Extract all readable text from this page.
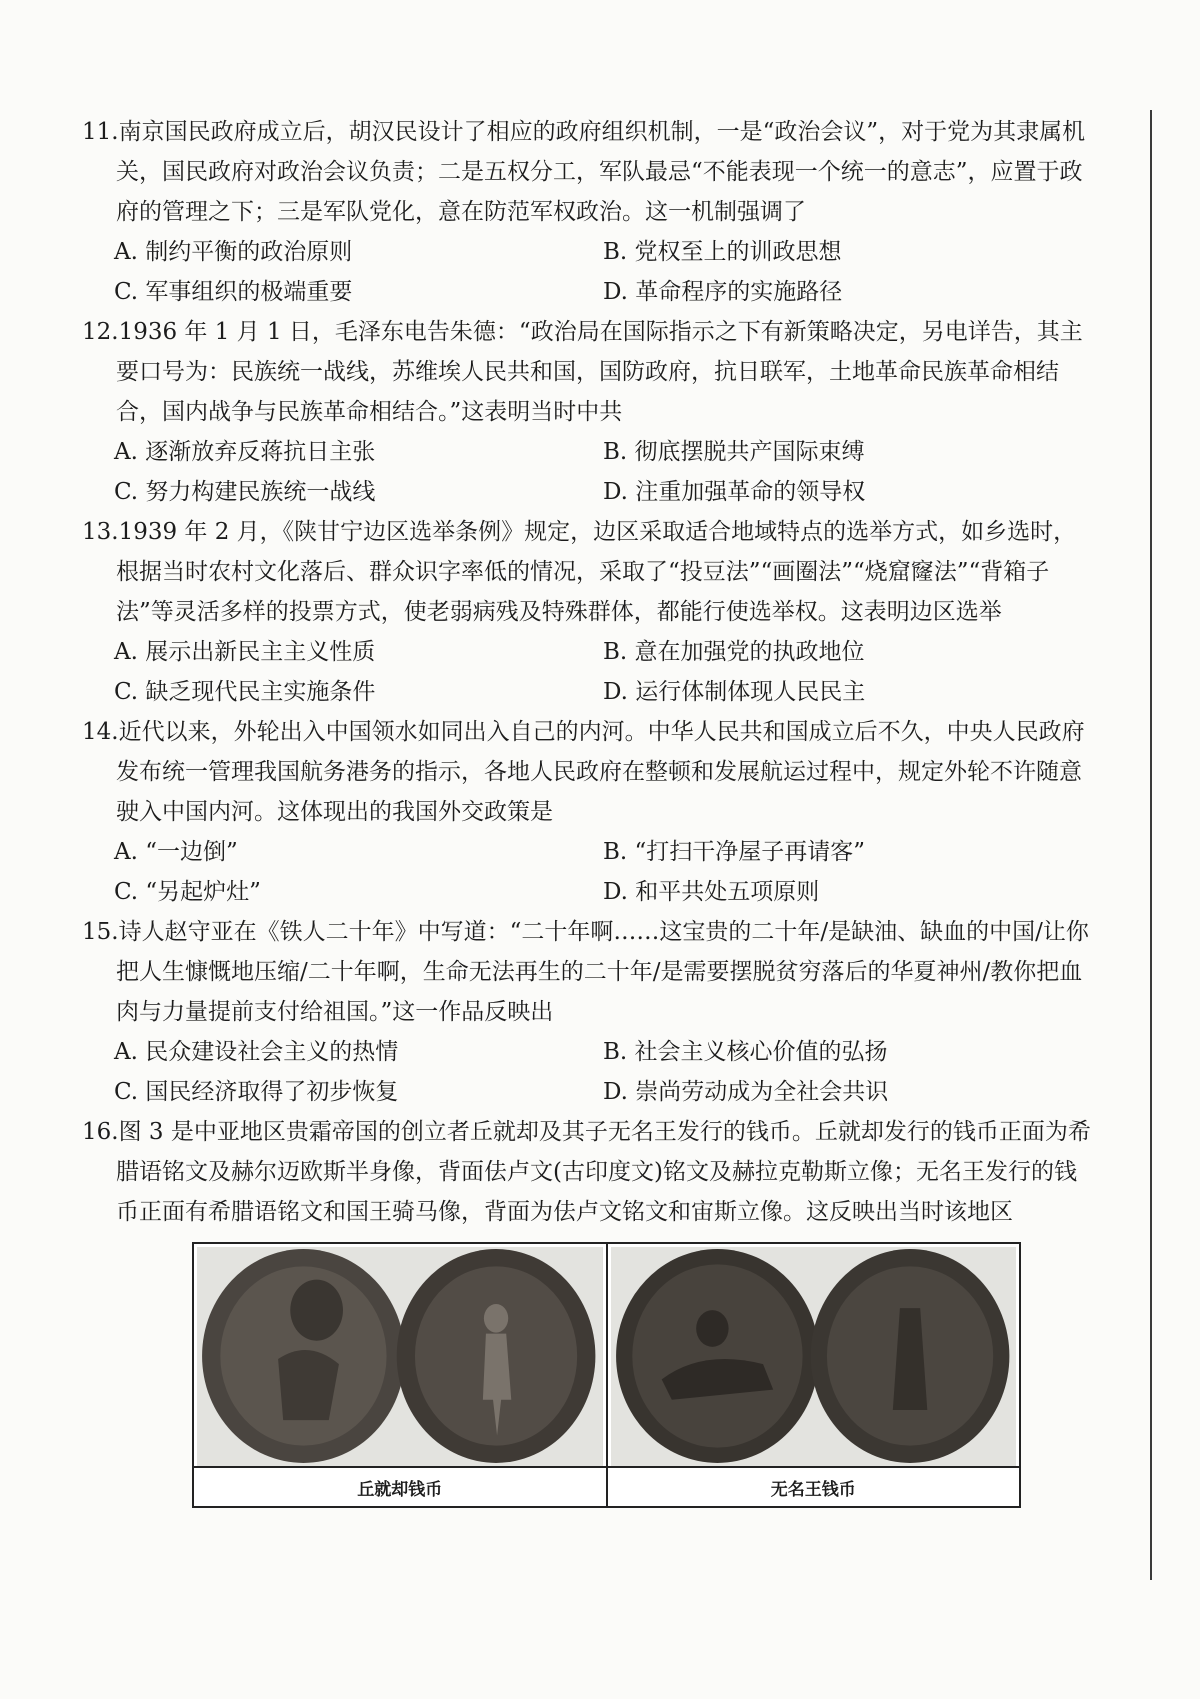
11.南京国民政府成立后，胡汉民设计了相应的政府组织机制，一是“政治会议”，对于党为其隶属机关，国民政府对政治会议负责；二是五权分工，军队最忌“不能表现一个统一的意志”，应置于政府的管理之下；三是军队党化，意在防范军权政治。这一机制强调了

A. 制约平衡的政治原则	B. 党权至上的训政思想
C. 军事组织的极端重要	D. 革命程序的实施路径

12.1936 年 1 月 1 日，毛泽东电告朱德：“政治局在国际指示之下有新策略决定，另电详告，其主要口号为：民族统一战线，苏维埃人民共和国，国防政府，抗日联军，土地革命民族革命相结合，国内战争与民族革命相结合。”这表明当时中共

A. 逐渐放弃反蒋抗日主张	B. 彻底摆脱共产国际束缚
C. 努力构建民族统一战线	D. 注重加强革命的领导权

13.1939 年 2 月，《陕甘宁边区选举条例》规定，边区采取适合地域特点的选举方式，如乡选时，根据当时农村文化落后、群众识字率低的情况，采取了“投豆法”“画圈法”“烧窟窿法”“背箱子法”等灵活多样的投票方式，使老弱病残及特殊群体，都能行使选举权。这表明边区选举

A. 展示出新民主主义性质	B. 意在加强党的执政地位
C. 缺乏现代民主实施条件	D. 运行体制体现人民民主

14.近代以来，外轮出入中国领水如同出入自己的内河。中华人民共和国成立后不久，中央人民政府发布统一管理我国航务港务的指示，各地人民政府在整顿和发展航运过程中，规定外轮不许随意驶入中国内河。这体现出的我国外交政策是

A. “一边倒”	B. “打扫干净屋子再请客”
C. “另起炉灶”	D. 和平共处五项原则

15.诗人赵守亚在《铁人二十年》中写道：“二十年啊……这宝贵的二十年/是缺油、缺血的中国/让你把人生慷慨地压缩/二十年啊，生命无法再生的二十年/是需要摆脱贫穷落后的华夏神州/教你把血肉与力量提前支付给祖国。”这一作品反映出

A. 民众建设社会主义的热情	B. 社会主义核心价值的弘扬
C. 国民经济取得了初步恢复	D. 崇尚劳动成为全社会共识

16.图 3 是中亚地区贵霜帝国的创立者丘就却及其子无名王发行的钱币。丘就却发行的钱币正面为希腊语铭文及赫尔迈欧斯半身像，背面佉卢文(古印度文)铭文及赫拉克勒斯立像；无名王发行的钱币正面有希腊语铭文和国王骑马像，背面为佉卢文铭文和宙斯立像。这反映出当时该地区

丘就却钱币	无名王钱币
